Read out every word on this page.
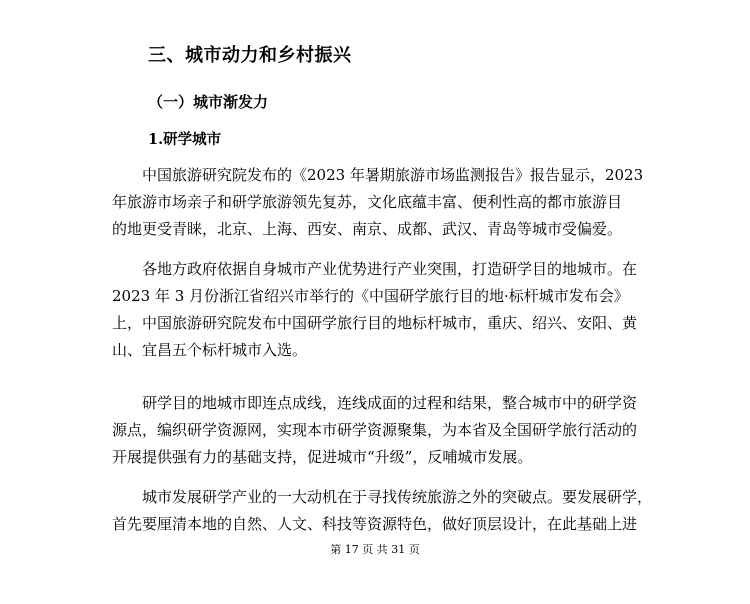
三、城市动力和乡村振兴
（一）城市渐发力
1.研学城市

中国旅游研究院发布的《2023 年暑期旅游市场监测报告》报告显示，2023
年旅游市场亲子和研学旅游领先复苏，文化底蕴丰富、便利性高的都市旅游目
的地更受青睐，北京、上海、西安、南京、成都、武汉、青岛等城市受偏爱。

各地方政府依据自身城市产业优势进行产业突围，打造研学目的地城市。在
2023 年 3 月份浙江省绍兴市举行的《中国研学旅行目的地·标杆城市发布会》
上，中国旅游研究院发布中国研学旅行目的地标杆城市，重庆、绍兴、安阳、黄
山、宜昌五个标杆城市入选。

研学目的地城市即连点成线，连线成面的过程和结果，整合城市中的研学资
源点，编织研学资源网，实现本市研学资源聚集，为本省及全国研学旅行活动的
开展提供强有力的基础支持，促进城市“升级”，反哺城市发展。

城市发展研学产业的一大动机在于寻找传统旅游之外的突破点。要发展研学，
首先要厘清本地的自然、人文、科技等资源特色，做好顶层设计，在此基础上进

第 17 页 共 31 页
